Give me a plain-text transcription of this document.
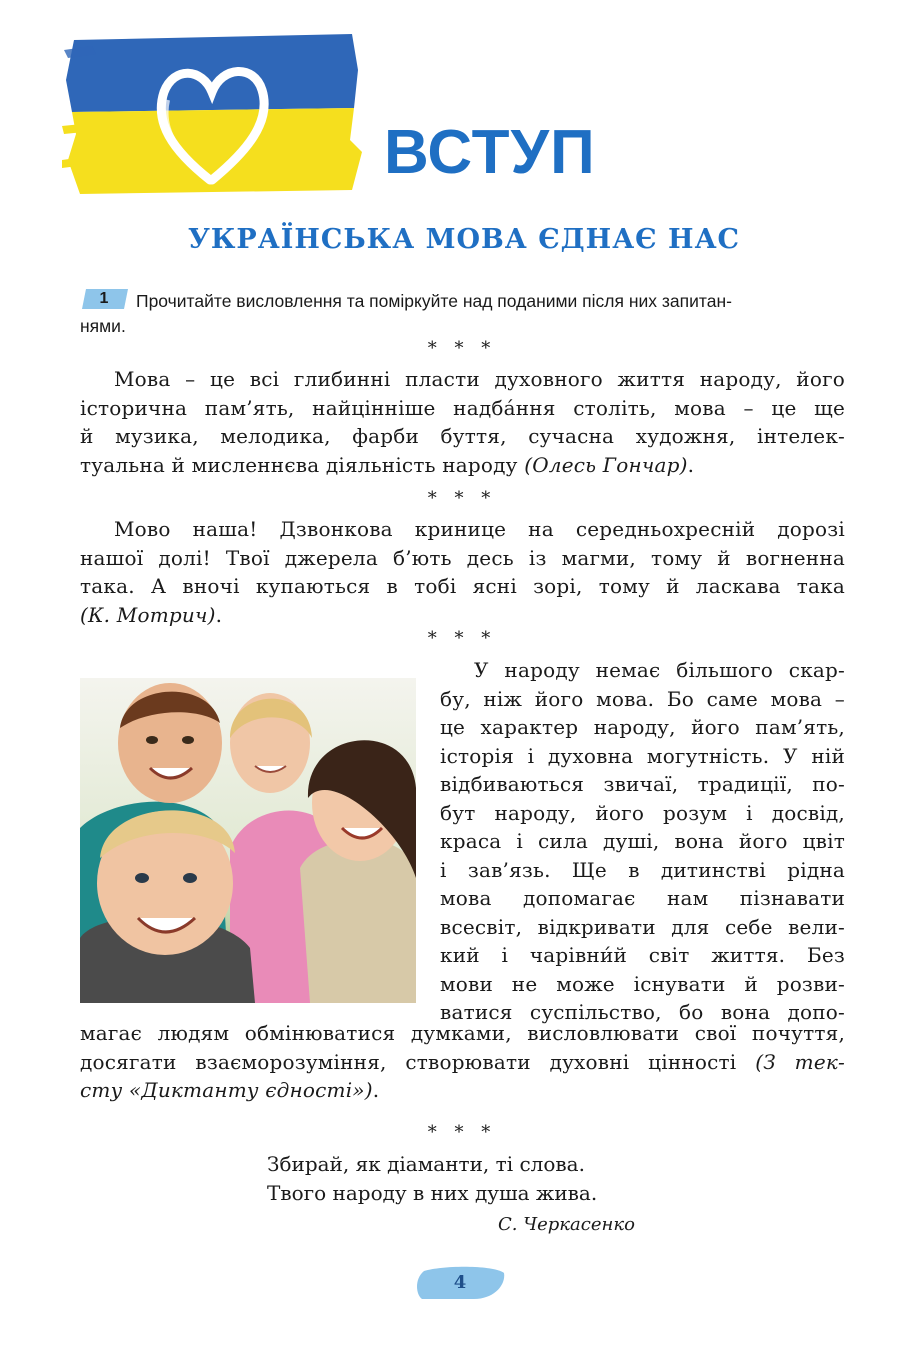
ВСТУП
УКРАЇНСЬКА МОВА ЄДНАЄ НАС
1	Прочитайте висловлення та поміркуйте над поданими після них запитан-
нями.
* * *
Мова – це всі глибинні пласти духовного життя народу, його
історична пам’ять, найцінніше надбáння століть, мова – це ще
й музика, мелодика, фарби буття, сучасна художня, інтелек-
туальна й мисленнєва діяльність народу (Олесь Гончар).
* * *
Мово наша! Дзвонкова кринице на середньохресній дорозі
нашої долі! Твої джерела б’ють десь із магми, тому й вогненна
така. А вночі купаються в тобі ясні зорі, тому й ласкава така
(К. Мотрич).
* * *
У народу немає більшого скар-
бу, ніж його мова. Бо саме мова –
це характер народу, його пам’ять,
історія і духовна могутність. У ній
відбиваються звичаї, традиції, по-
бут народу, його розум і досвід,
краса і сила душі, вона його цвіт
і зав’язь. Ще в дитинстві рідна
мова допомагає нам пізнавати
всесвіт, відкривати для себе вели-
кий і чарівни́й світ життя. Без
мови не може існувати й розви-
ватися суспільство, бо вона допо-
магає людям обмінюватися думками, висловлювати свої почуття,
досягати взаєморозуміння, створювати духовні цінності (З тек-
сту «Диктанту єдності»).
* * *
Збирай, як діаманти, ті слова.
Твого народу в них душа жива.
С. Черкасенко
4
